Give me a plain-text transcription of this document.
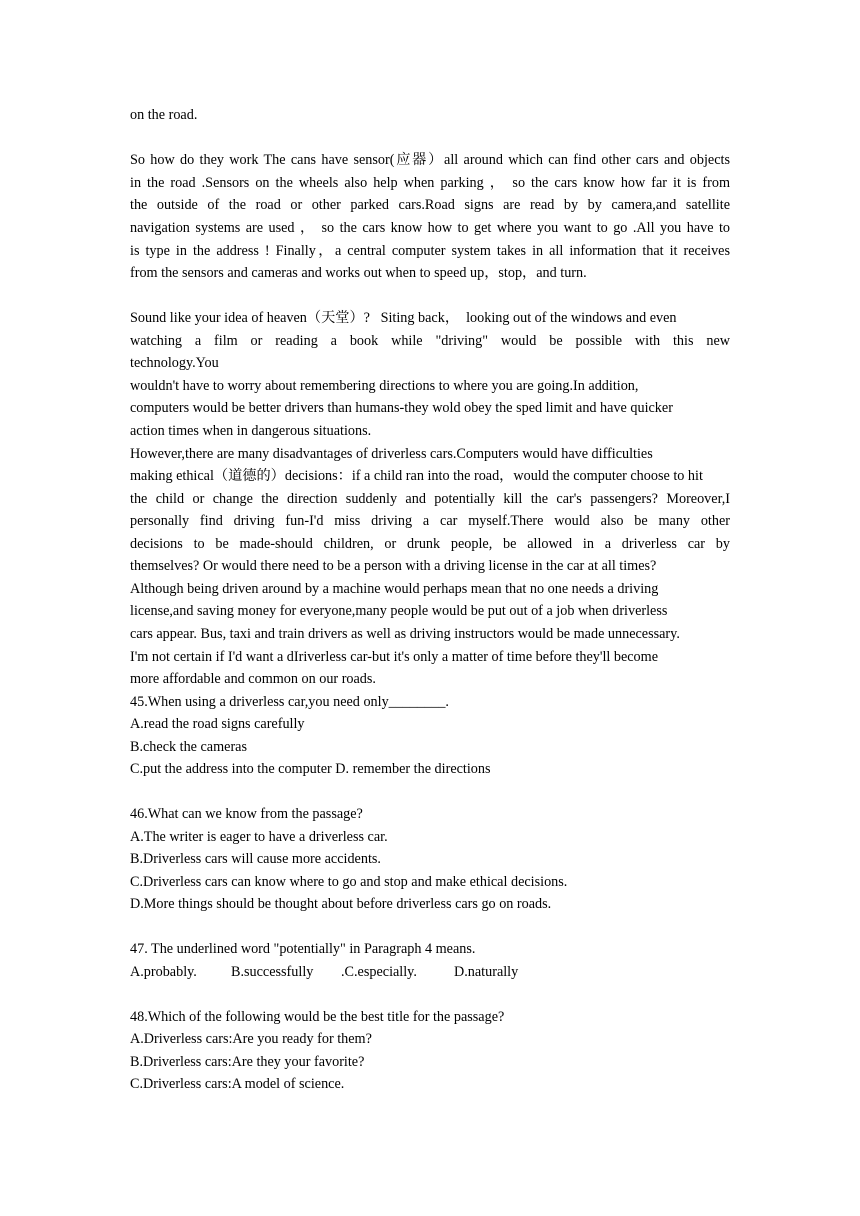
on the road.
So how do they work The cans have sensor(应器）all around which can find other cars and objects
in the road .Sensors on the wheels also help when parking ， so the cars know how far it is from
the outside of the road or other parked cars.Road signs are read by by camera,and satellite
navigation systems are used ， so the cars know how to get where you want to go .All you have to
is type in the address ! Finally，a central computer system takes in all information that it receives
from the sensors and cameras and works out when to speed up，stop，and turn.
Sound like your idea of heaven（天堂）?   Siting back，  looking out of the windows and even
watching a film or reading a book while "driving" would be possible with this new
technology.You
wouldn't have to worry about remembering directions to where you are going.In addition,
computers would be better drivers than humans-they wold obey the sped limit and have quicker
action times when in dangerous situations.
However,there are many disadvantages of driverless cars.Computers would have difficulties
making ethical（道德的）decisions：if a child ran into the road，would the computer choose to hit
the child or change the direction suddenly and potentially kill the car's passengers? Moreover,I
personally find driving fun-I'd miss driving a car myself.There would also be many other
decisions to be made-should children, or drunk people, be allowed in a driverless car by
themselves? Or would there need to be a person with a driving license in the car at all times?
Although being driven around by a machine would perhaps mean that no one needs a driving
license,and saving money for everyone,many people would be put out of a job when driverless
cars appear. Bus, taxi and train drivers as well as driving instructors would be made unnecessary.
I'm not certain if I'd want a dIriverless car-but it's only a matter of time before they'll become
more affordable and common on our roads.
45.When using a driverless car,you need only________.
A.read the road signs carefully
B.check the cameras
C.put the address into the computer D. remember the directions
46.What can we know from the passage?
A.The writer is eager to have a driverless car.
B.Driverless cars will cause more accidents.
C.Driverless cars can know where to go and stop and make ethical decisions.
D.More things should be thought about before driverless cars go on roads.
47. The underlined word "potentially" in Paragraph 4 means.
A.probably. B.successfully .C.especially.	D.naturally
48.Which of the following would be the best title for the passage?
A.Driverless cars:Are you ready for them?
B.Driverless cars:Are they your favorite?
C.Driverless cars:A model of science.
